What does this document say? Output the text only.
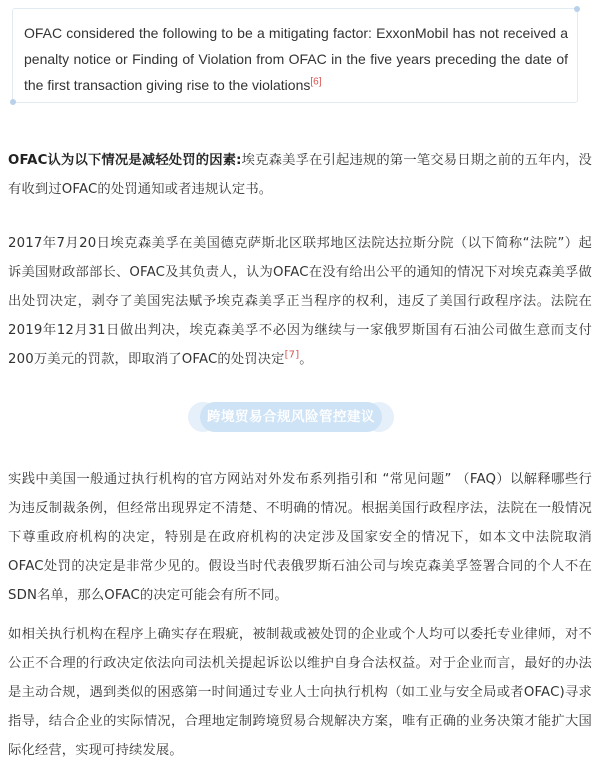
OFAC considered the following to be a mitigating factor: ExxonMobil has not received a penalty notice or Finding of Violation from OFAC in the five years preceding the date of the first transaction giving rise to the violations[6]
OFAC认为以下情况是减轻处罚的因素:埃克森美孚在引起违规的第一笔交易日期之前的五年内，没有收到过OFAC的处罚通知或者违规认定书。
2017年7月20日埃克森美孚在美国德克萨斯北区联邦地区法院达拉斯分院（以下简称“法院”）起诉美国财政部部长、OFAC及其负责人，认为OFAC在没有给出公平的通知的情况下对埃克森美孚做出处罚决定，剥夺了美国宪法赋予埃克森美孚正当程序的权利，违反了美国行政程序法。法院在2019年12月31日做出判决，埃克森美孚不必因为继续与一家俄罗斯国有石油公司做生意而支付200万美元的罚款，即取消了OFAC的处罚决定[7]。
跨境贸易合规风险管控建议
实践中美国一般通过执行机构的官方网站对外发布系列指引和 “常见问题” （FAQ）以解释哪些行为违反制裁条例，但经常出现界定不清楚、不明确的情况。根据美国行政程序法，法院在一般情况下尊重政府机构的决定，特别是在政府机构的决定涉及国家安全的情况下，如本文中法院取消OFAC处罚的决定是非常少见的。假设当时代表俄罗斯石油公司与埃克森美孚签署合同的个人不在SDN名单，那么OFAC的决定可能会有所不同。
如相关执行机构在程序上确实存在瑕疵，被制裁或被处罚的企业或个人均可以委托专业律师，对不公正不合理的行政决定依法向司法机关提起诉讼以维护自身合法权益。对于企业而言，最好的办法是主动合规，遇到类似的困惑第一时间通过专业人士向执行机构（如工业与安全局或者OFAC)寻求指导，结合企业的实际情况，合理地定制跨境贸易合规解决方案，唯有正确的业务决策才能扩大国际化经营，实现可持续发展。
